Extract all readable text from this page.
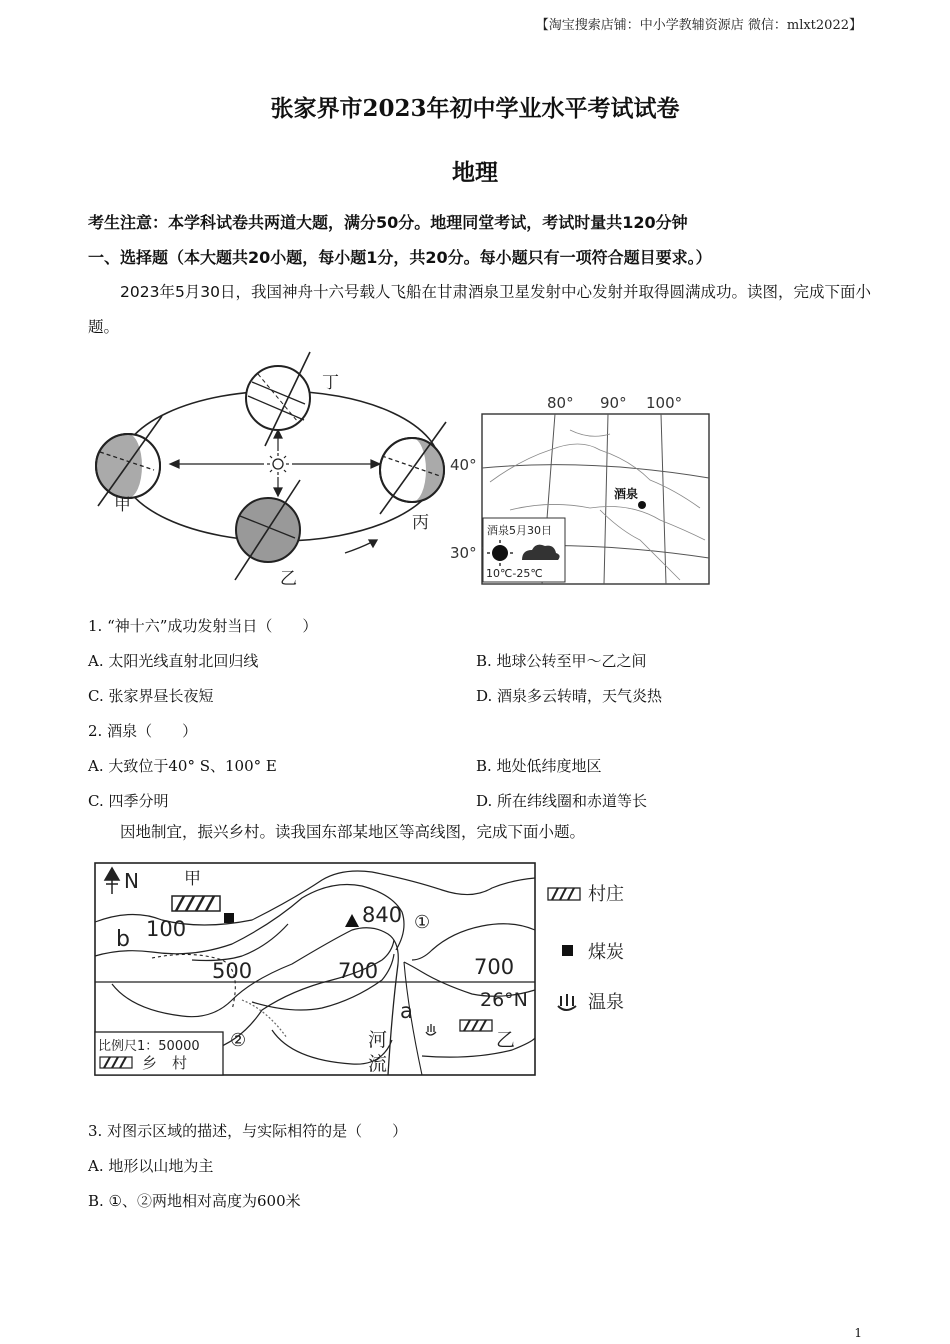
【淘宝搜索店铺：中小学教辅资源店 微信：mlxt2022】
张家界市2023年初中学业水平考试试卷
地理
考生注意：本学科试卷共两道大题，满分50分。地理同堂考试，考试时量共120分钟
一、选择题（本大题共20小题，每小题1分，共20分。每小题只有一项符合题目要求。）
2023年5月30日，我国神舟十六号载人飞船在甘肃酒泉卫星发射中心发射并取得圆满成功。读图，完成下面小题。
丁
甲
丙
乙
80° 90° 100°
40°
30°
酒泉
酒泉5月30日
10℃-25℃
1. “神十六”成功发射当日（　　）
A. 太阳光线直射北回归线	B. 地球公转至甲～乙之间
C. 张家界昼长夜短	D. 酒泉多云转晴，天气炎热
2. 酒泉（　　）
A. 大致位于40° S、100° E	B. 地处低纬度地区
C. 四季分明	D. 所在纬线圈和赤道等长
因地制宜，振兴乡村。读我国东部某地区等高线图，完成下面小题。
N	甲
b 100
500	700	700
840 ①
26°N
a
②	河
流
乙
比例尺1：50000
乡　村
村庄
煤炭
温泉
3. 对图示区域的描述，与实际相符的是（　　）
A. 地形以山地为主
B. ①、②两地相对高度为600米
1
